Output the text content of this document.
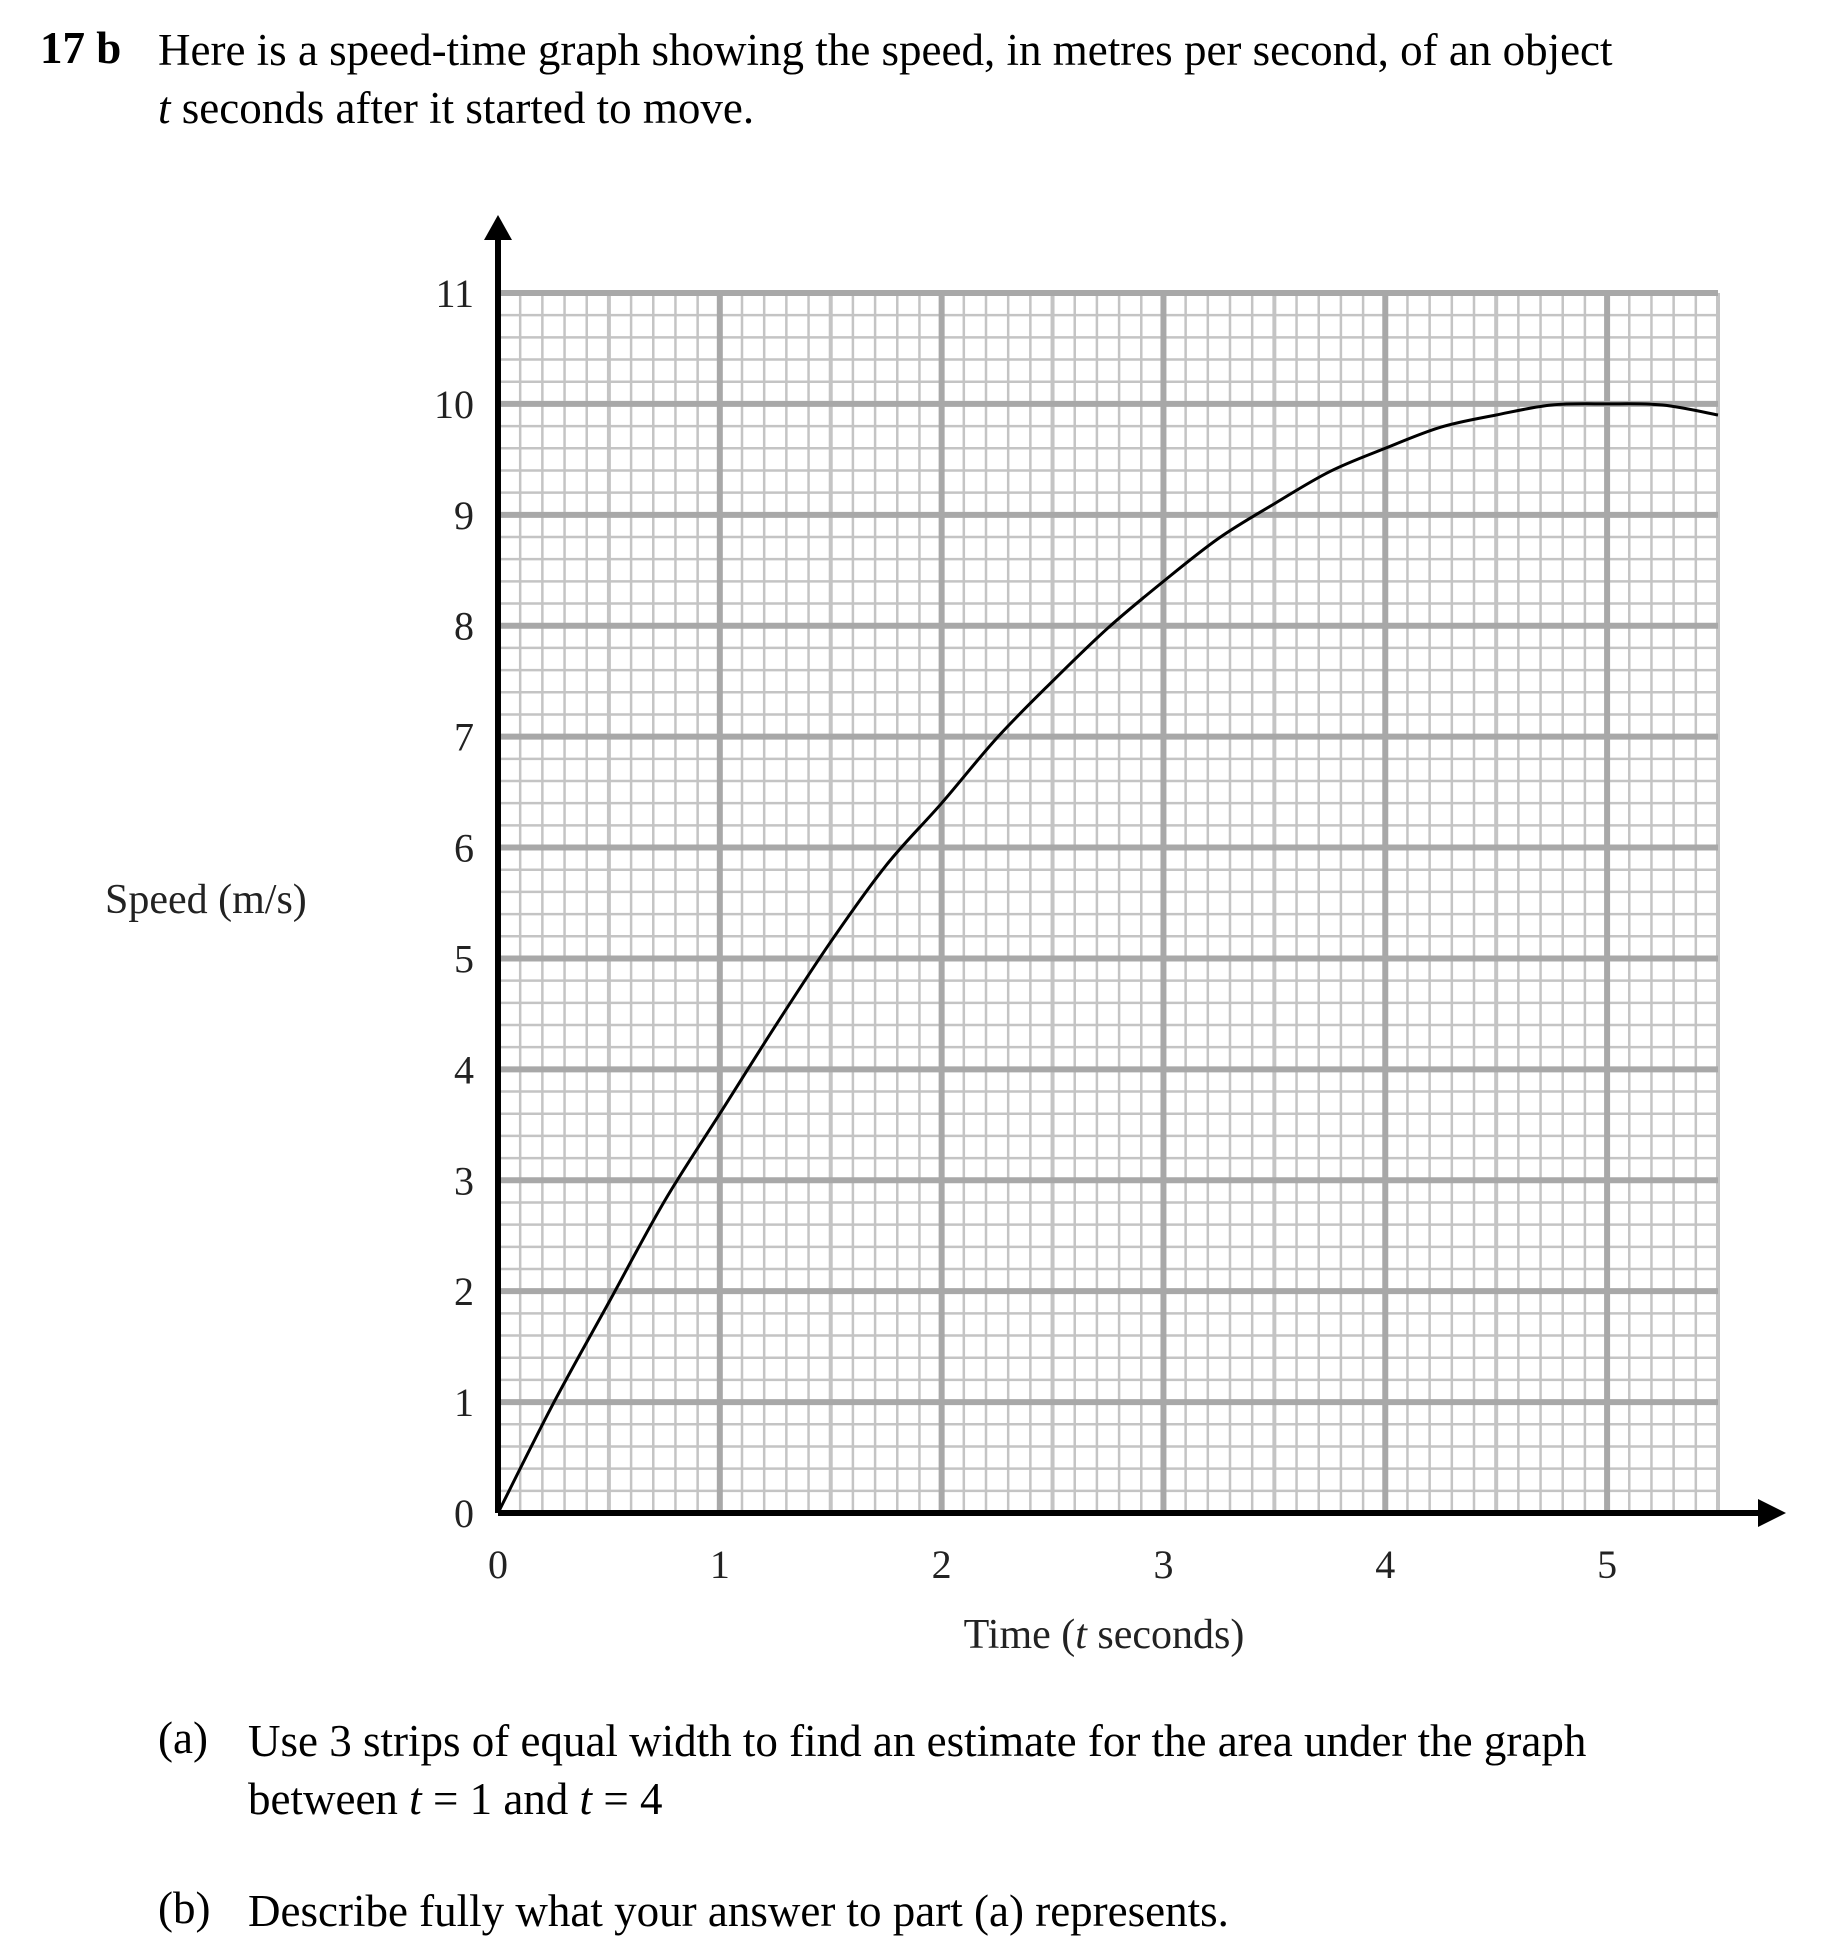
17 b Here is a speed-time graph showing the speed, in metres per second, of an object
t seconds after it started to move.
0	1	2	3	4	5
0
1
2
3
4
5
6
7
8
9
10
11
Speed (m/s)
Time (t seconds)
(a) Use 3 strips of equal width to find an estimate for the area under the graph
between t = 1 and t = 4
(b) Describe fully what your answer to part (a) represents.
